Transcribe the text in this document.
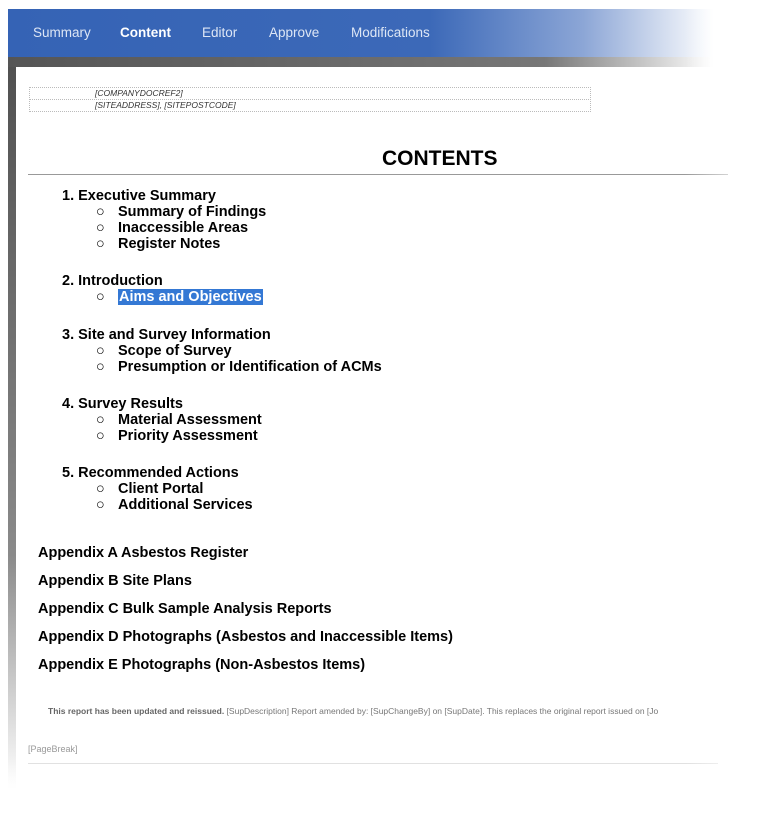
Summary Content Editor Approve Modifications
[COMPANYDOCREF2]
[SITEADDRESS], [SITEPOSTCODE]
CONTENTS
1. Executive Summary
○ Summary of Findings
○ Inaccessible Areas
○ Register Notes
2. Introduction
○ Aims and Objectives
3. Site and Survey Information
○ Scope of Survey
○ Presumption or Identification of ACMs
4. Survey Results
○ Material Assessment
○ Priority Assessment
5. Recommended Actions
○ Client Portal
○ Additional Services
Appendix A Asbestos Register
Appendix B Site Plans
Appendix C Bulk Sample Analysis Reports
Appendix D Photographs (Asbestos and Inaccessible Items)
Appendix E Photographs (Non-Asbestos Items)
This report has been updated and reissued. [SupDescription] Report amended by: [SupChangeBy] on [SupDate]. This replaces the original report issued on [Jo
[PageBreak]
